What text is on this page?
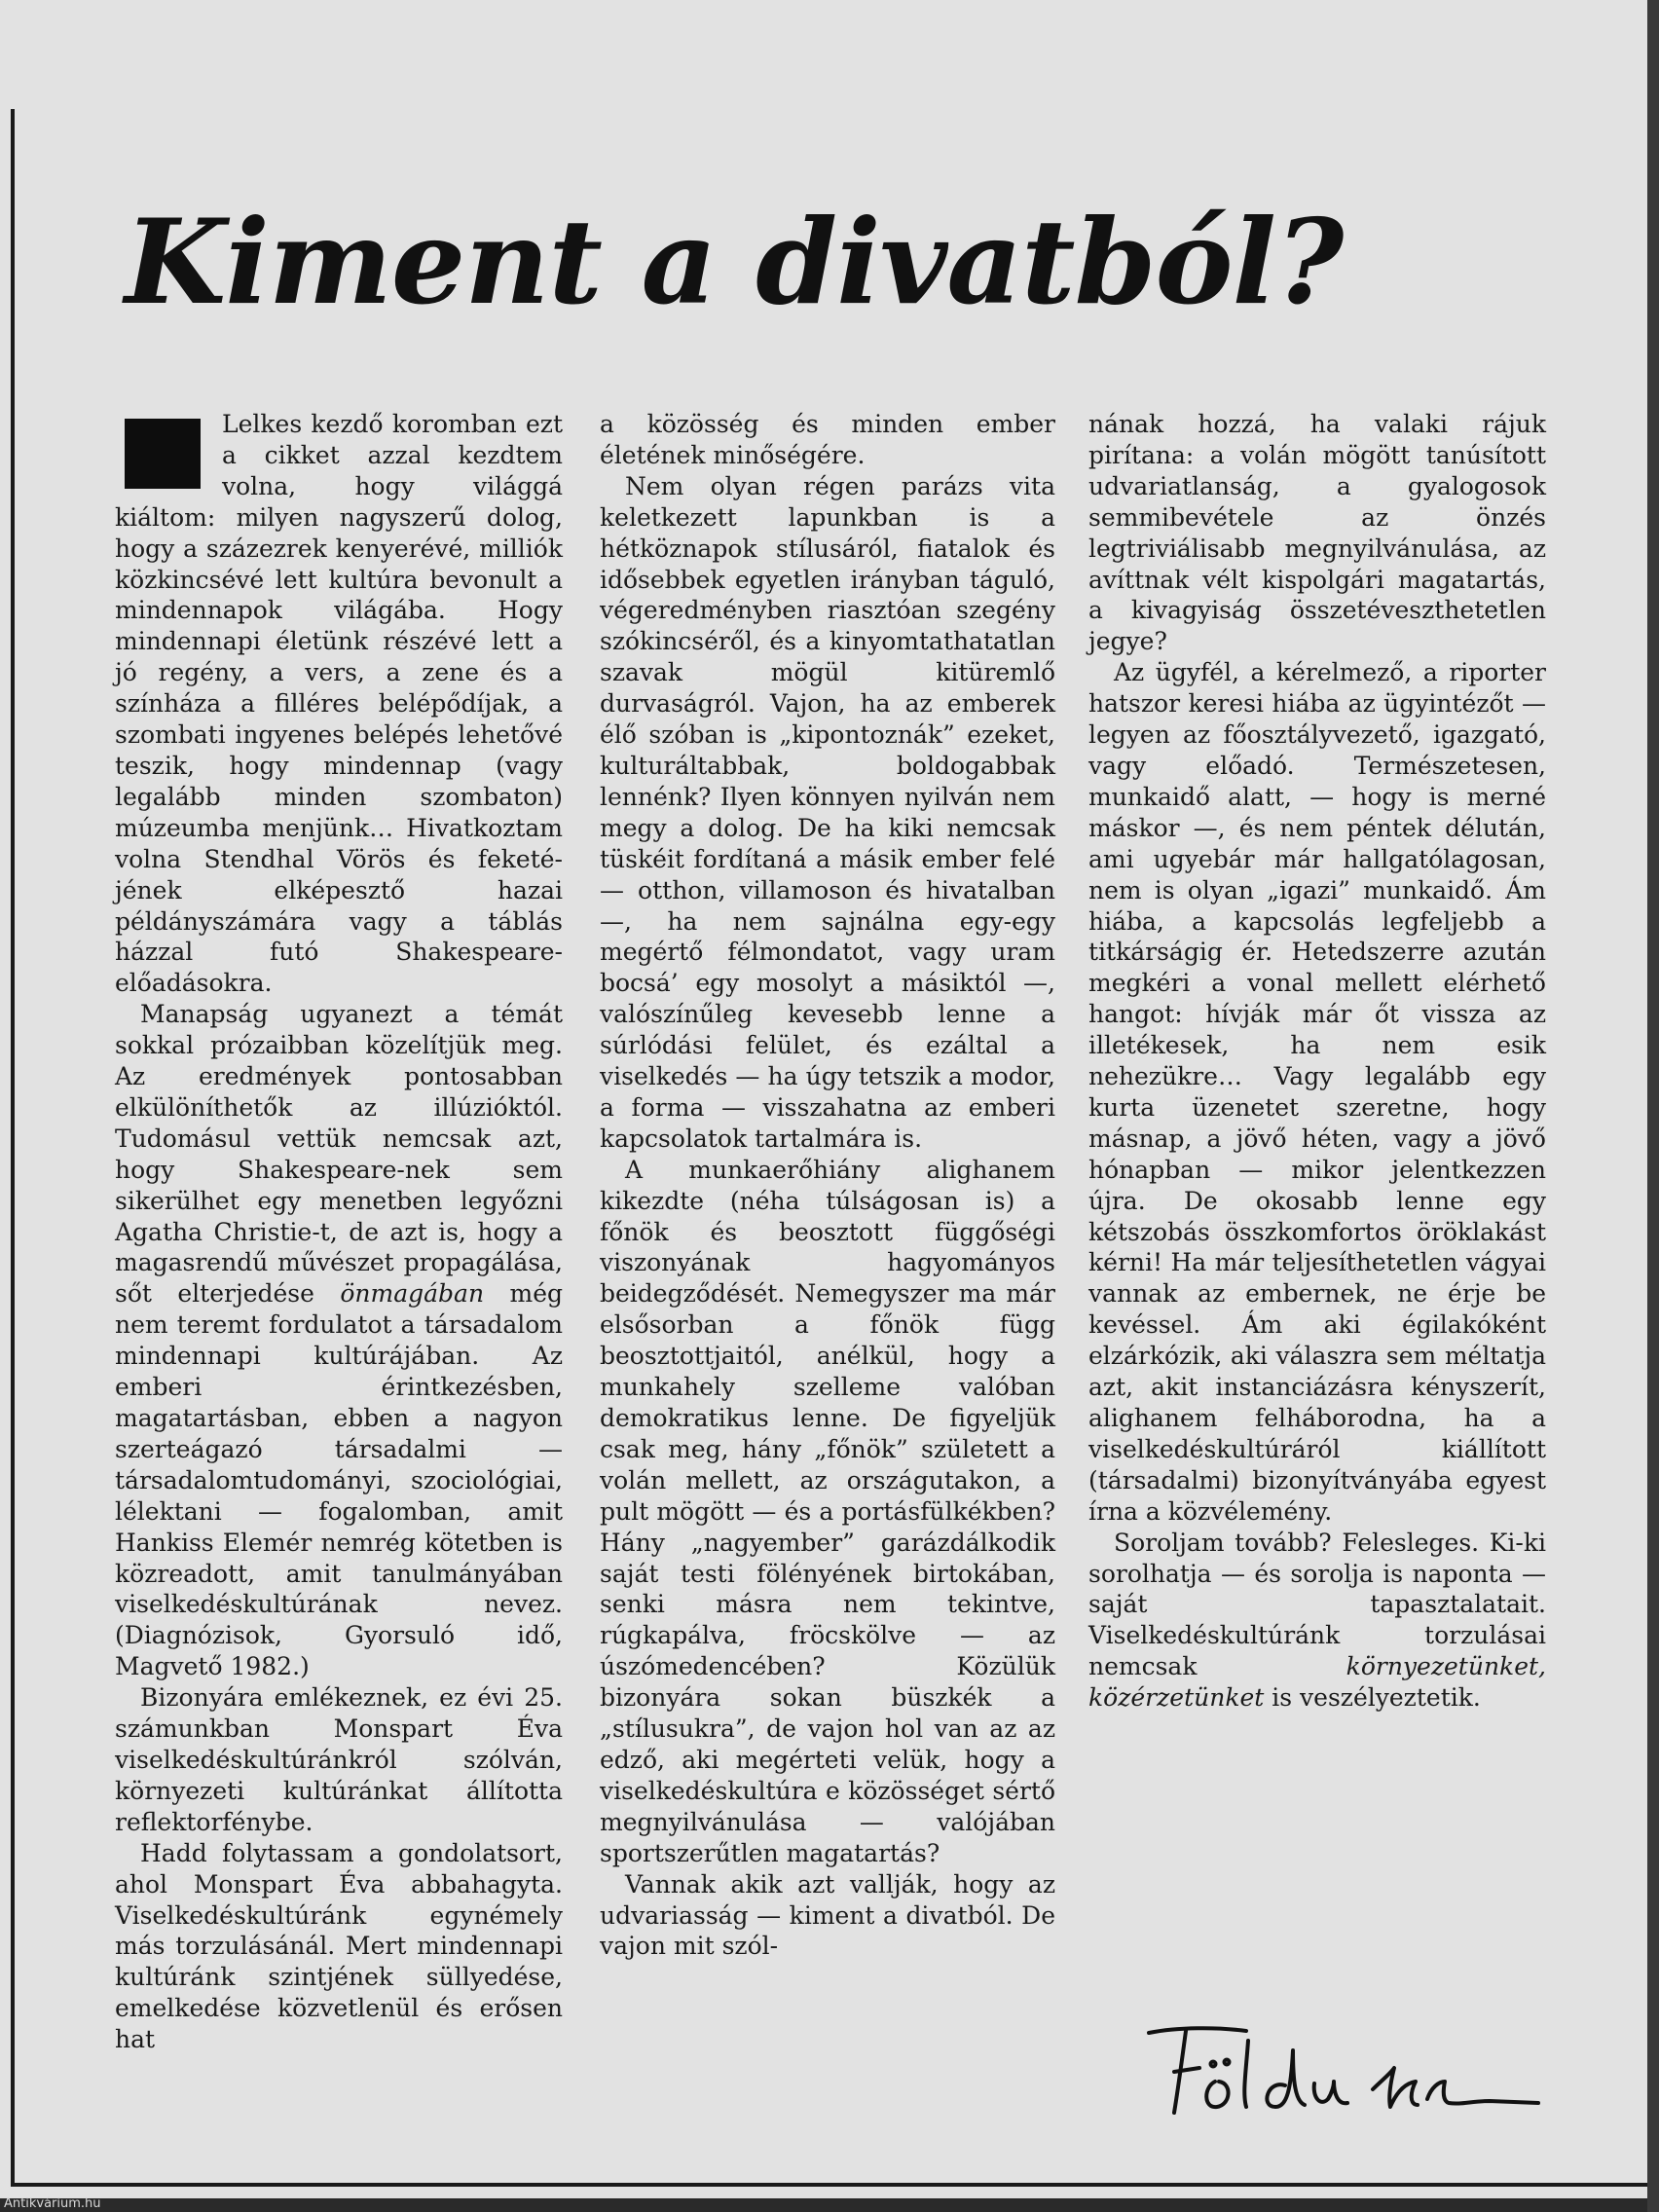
Kiment a divatból?

Lelkes kezdő koromban ezt a cikket azzal kezdtem volna, hogy világgá kiáltom: milyen nagyszerű dolog, hogy a százezrek kenyerévé, milliók közkincsévé lett kultúra bevonult a mindennapok világába. Hogy mindennapi életünk részévé lett a jó regény, a vers, a zene és a színháza a filléres belépődíjak, a szombati ingyenes belépés lehetővé teszik, hogy mindennap (vagy legalább minden szombaton) múzeumba menjünk… Hivatkoztam volna Stendhal Vörös és feketé-jének elképesztő hazai példányszámára vagy a táblás házzal futó Shakespeare-előadásokra.

Manapság ugyanezt a témát sokkal prózaibban közelítjük meg. Az eredmények pontosabban elkülöníthetők az illúzióktól. Tudomásul vettük nemcsak azt, hogy Shakespeare-nek sem sikerülhet egy menetben legyőzni Agatha Christie-t, de azt is, hogy a magasrendű művészet propagálása, sőt elterjedése önmagában még nem teremt fordulatot a társadalom mindennapi kultúrájában. Az emberi érintkezésben, magatartásban, ebben a nagyon szerteágazó társadalmi — társadalomtudományi, szociológiai, lélektani — fogalomban, amit Hankiss Elemér nemrég kötetben is közreadott, amit tanulmányában viselkedéskultúrának nevez. (Diagnózisok, Gyorsuló idő, Magvető 1982.)

Bizonyára emlékeznek, ez évi 25. számunkban Monspart Éva viselkedéskultúránkról szólván, környezeti kultúránkat állította reflektorfénybe.

Hadd folytassam a gondolatsort, ahol Monspart Éva abbahagyta. Viselkedéskultúránk egynémely más torzulásánál. Mert mindennapi kultúránk szintjének süllyedése, emelkedése közvetlenül és erősen hat

a közösség és minden ember életének minőségére.

Nem olyan régen parázs vita keletkezett lapunkban is a hétköznapok stílusáról, fiatalok és idősebbek egyetlen irányban táguló, végeredményben riasztóan szegény szókincséről, és a kinyomtathatatlan szavak mögül kitüremlő durvaságról. Vajon, ha az emberek élő szóban is „kipontoznák” ezeket, kulturáltabbak, boldogabbak lennénk? Ilyen könnyen nyilván nem megy a dolog. De ha kiki nemcsak tüskéit fordítaná a másik ember felé — otthon, villamoson és hivatalban —, ha nem sajnálna egy-egy megértő félmondatot, vagy uram bocsá’ egy mosolyt a másiktól —, valószínűleg kevesebb lenne a súrlódási felület, és ezáltal a viselkedés — ha úgy tetszik a modor, a forma — visszahatna az emberi kapcsolatok tartalmára is.

A munkaerőhiány alighanem kikezdte (néha túlságosan is) a főnök és beosztott függőségi viszonyának hagyományos beidegződését. Nemegyszer ma már elsősorban a főnök függ beosztottjaitól, anélkül, hogy a munkahely szelleme valóban demokratikus lenne. De figyeljük csak meg, hány „főnök” született a volán mellett, az országutakon, a pult mögött — és a portásfülkékben? Hány „nagyember” garázdálkodik saját testi fölényének birtokában, senki másra nem tekintve, rúgkapálva, fröcskölve — az úszómedencében? Közülük bizonyára sokan büszkék a „stílusukra”, de vajon hol van az az edző, aki megérteti velük, hogy a viselkedéskultúra e közösséget sértő megnyilvánulása — valójában sportszerűtlen magatartás?

Vannak akik azt vallják, hogy az udvariasság — kiment a divatból. De vajon mit szól-

nának hozzá, ha valaki rájuk pirítana: a volán mögött tanúsított udvariatlanság, a gyalogosok semmibevétele az önzés legtriviálisabb megnyilvánulása, az avíttnak vélt kispolgári magatartás, a kivagyiság összetéveszthetetlen jegye?

Az ügyfél, a kérelmező, a riporter hatszor keresi hiába az ügyintézőt — legyen az főosztályvezető, igazgató, vagy előadó. Természetesen, munkaidő alatt, — hogy is merné máskor —, és nem péntek délután, ami ugyebár már hallgatólagosan, nem is olyan „igazi” munkaidő. Ám hiába, a kapcsolás legfeljebb a titkárságig ér. Hetedszerre azután megkéri a vonal mellett elérhető hangot: hívják már őt vissza az illetékesek, ha nem esik nehezükre… Vagy legalább egy kurta üzenetet szeretne, hogy másnap, a jövő héten, vagy a jövő hónapban — mikor jelentkezzen újra. De okosabb lenne egy kétszobás összkomfortos öröklakást kérni! Ha már teljesíthetetlen vágyai vannak az embernek, ne érje be kevéssel. Ám aki égilakóként elzárkózik, aki válaszra sem méltatja azt, akit instanciázásra kényszerít, alighanem felháborodna, ha a viselkedéskultúráról kiállított (társadalmi) bizonyítványába egyest írna a közvélemény.

Soroljam tovább? Felesleges. Ki-ki sorolhatja — és sorolja is naponta — saját tapasztalatait. Viselkedéskultúránk torzulásai nemcsak környezetünket, közérzetünket is veszélyeztetik.

Antikvárium.hu
